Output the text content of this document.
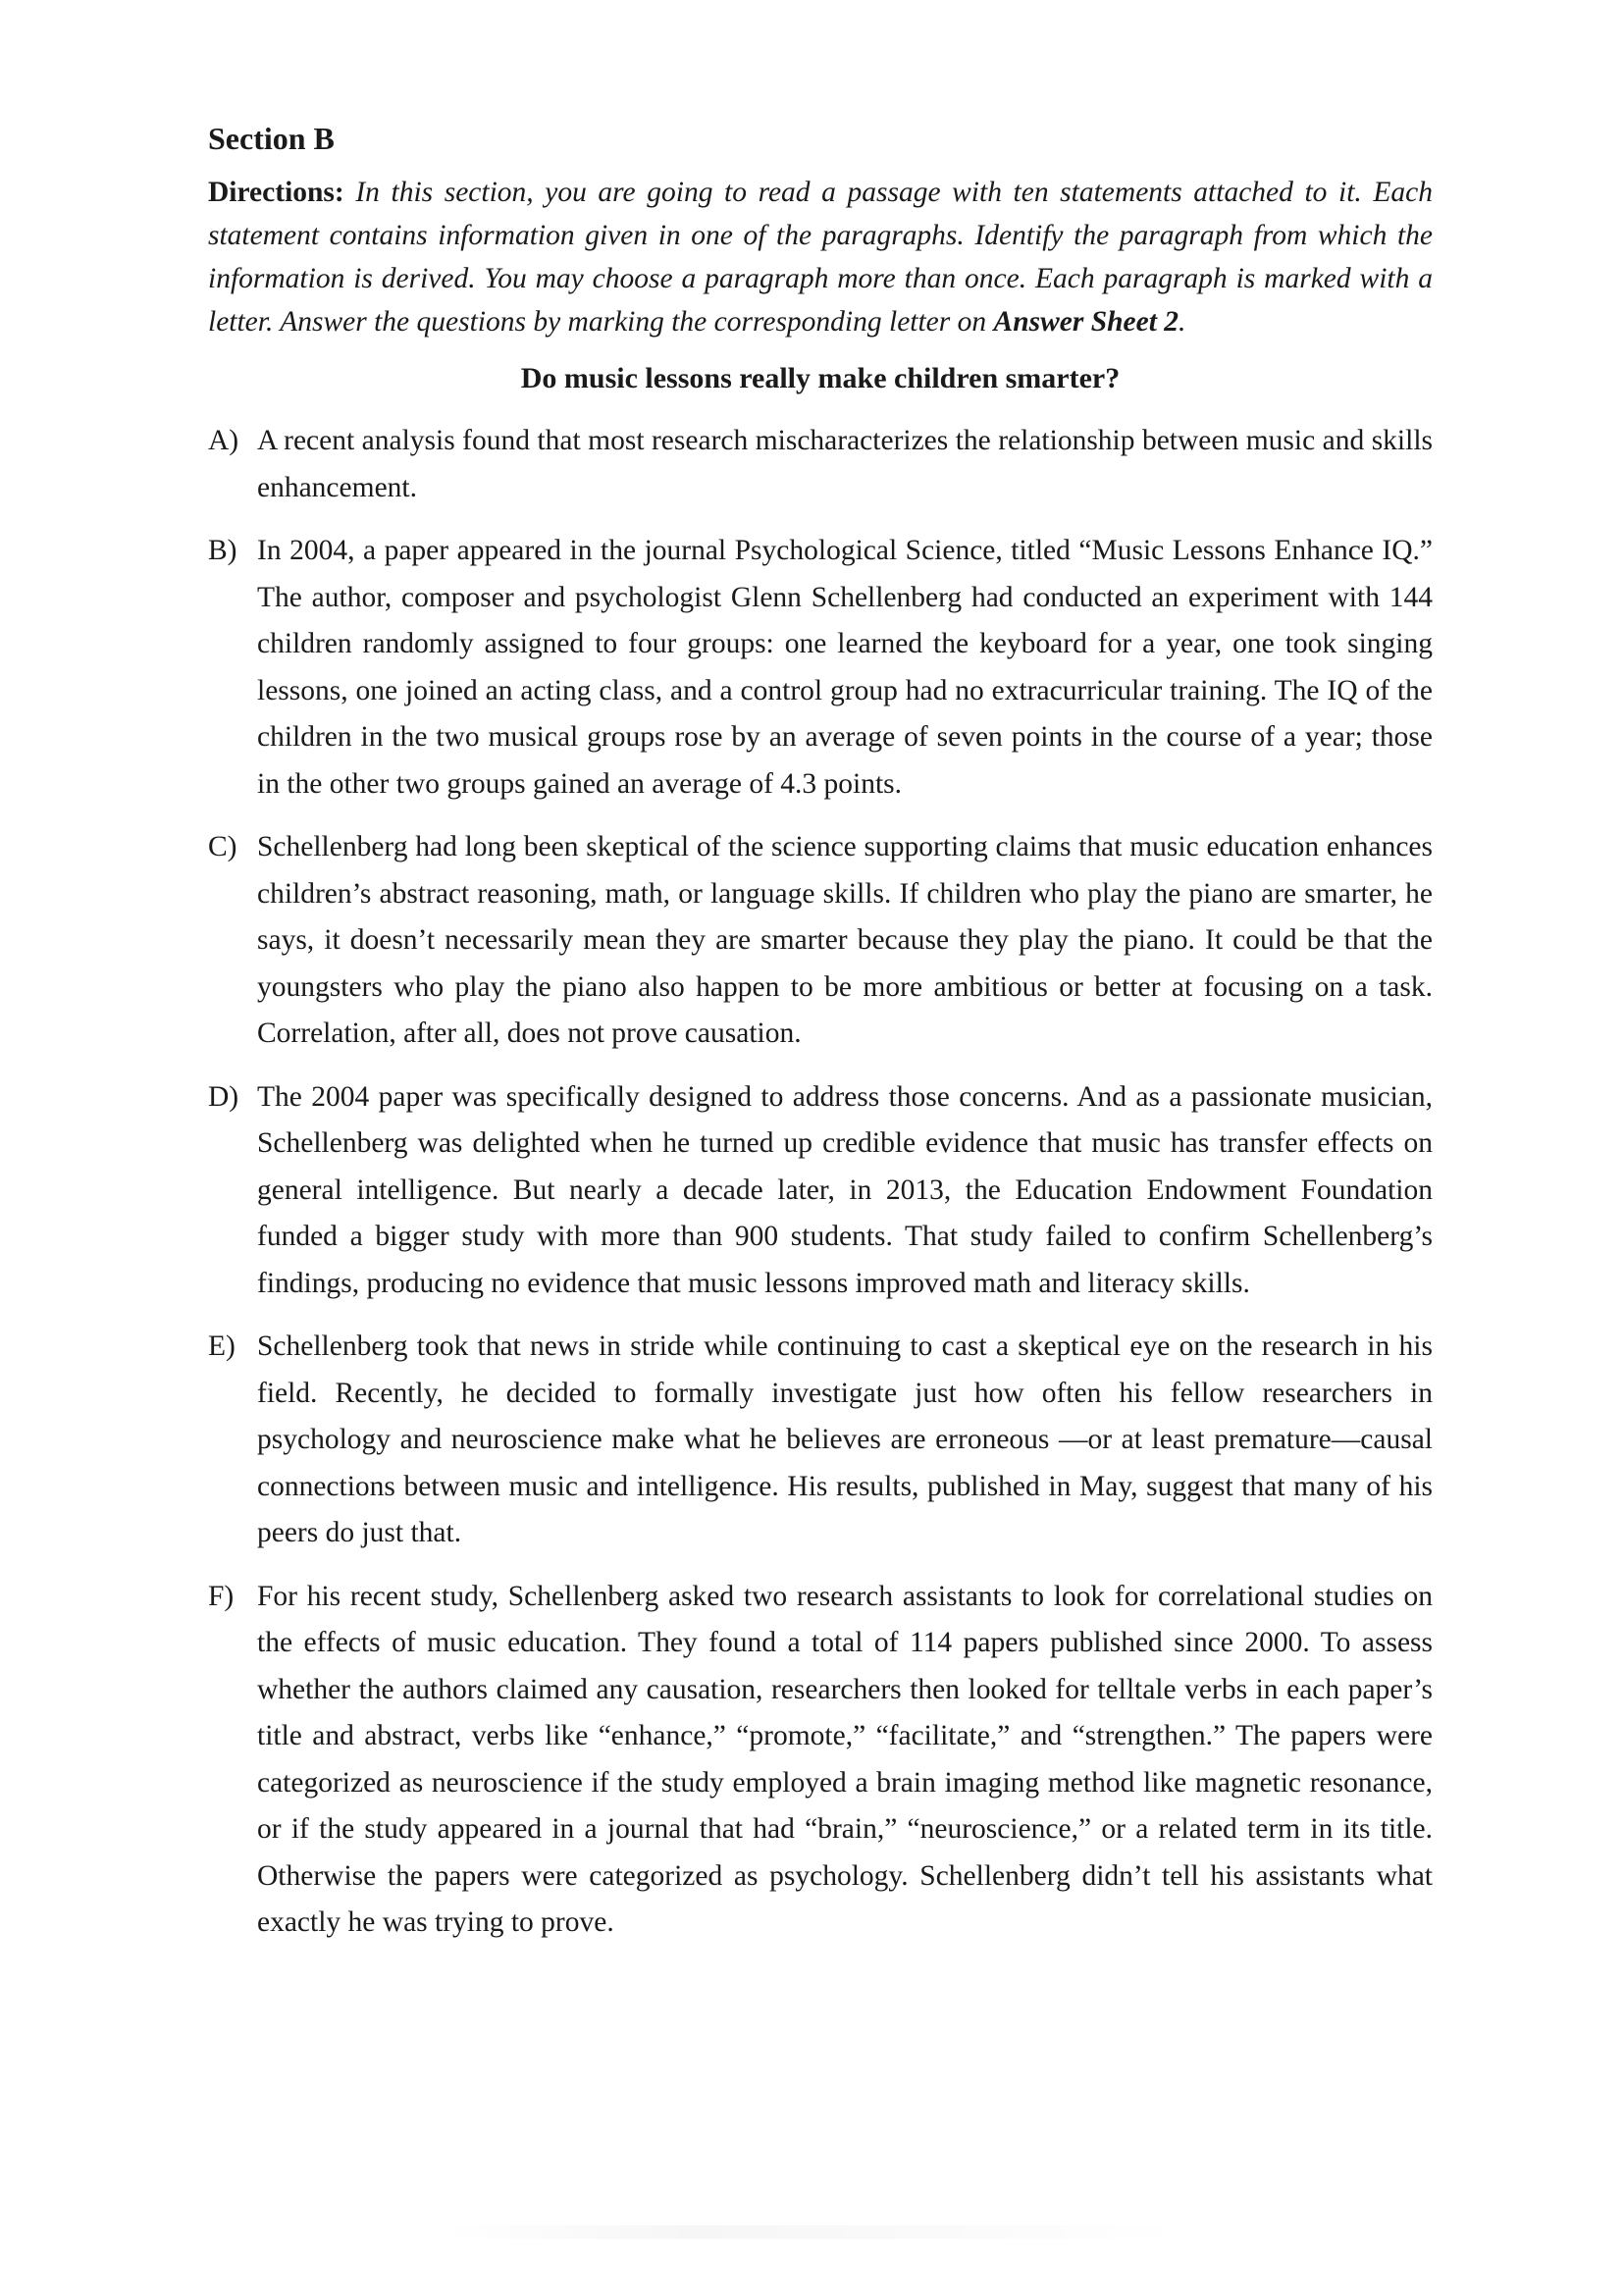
Section B

Directions: In this section, you are going to read a passage with ten statements attached to it. Each statement contains information given in one of the paragraphs. Identify the paragraph from which the information is derived. You may choose a paragraph more than once. Each paragraph is marked with a letter. Answer the questions by marking the corresponding letter on Answer Sheet 2.

Do music lessons really make children smarter?
A) A recent analysis found that most research mischaracterizes the relationship between music and skills enhancement.
B) In 2004, a paper appeared in the journal Psychological Science, titled “Music Lessons Enhance IQ.” The author, composer and psychologist Glenn Schellenberg had conducted an experiment with 144 children randomly assigned to four groups: one learned the keyboard for a year, one took singing lessons, one joined an acting class, and a control group had no extracurricular training. The IQ of the children in the two musical groups rose by an average of seven points in the course of a year; those in the other two groups gained an average of 4.3 points.
C) Schellenberg had long been skeptical of the science supporting claims that music education enhances children’s abstract reasoning, math, or language skills. If children who play the piano are smarter, he says, it doesn’t necessarily mean they are smarter because they play the piano. It could be that the youngsters who play the piano also happen to be more ambitious or better at focusing on a task. Correlation, after all, does not prove causation.
D) The 2004 paper was specifically designed to address those concerns. And as a passionate musician, Schellenberg was delighted when he turned up credible evidence that music has transfer effects on general intelligence. But nearly a decade later, in 2013, the Education Endowment Foundation funded a bigger study with more than 900 students. That study failed to confirm Schellenberg’s findings, producing no evidence that music lessons improved math and literacy skills.
E) Schellenberg took that news in stride while continuing to cast a skeptical eye on the research in his field. Recently, he decided to formally investigate just how often his fellow researchers in psychology and neuroscience make what he believes are erroneous —or at least premature—causal connections between music and intelligence. His results, published in May, suggest that many of his peers do just that.
F) For his recent study, Schellenberg asked two research assistants to look for correlational studies on the effects of music education. They found a total of 114 papers published since 2000. To assess whether the authors claimed any causation, researchers then looked for telltale verbs in each paper’s title and abstract, verbs like “enhance,” “promote,” “facilitate,” and “strengthen.” The papers were categorized as neuroscience if the study employed a brain imaging method like magnetic resonance, or if the study appeared in a journal that had “brain,” “neuroscience,” or a related term in its title. Otherwise the papers were categorized as psychology. Schellenberg didn’t tell his assistants what exactly he was trying to prove.
